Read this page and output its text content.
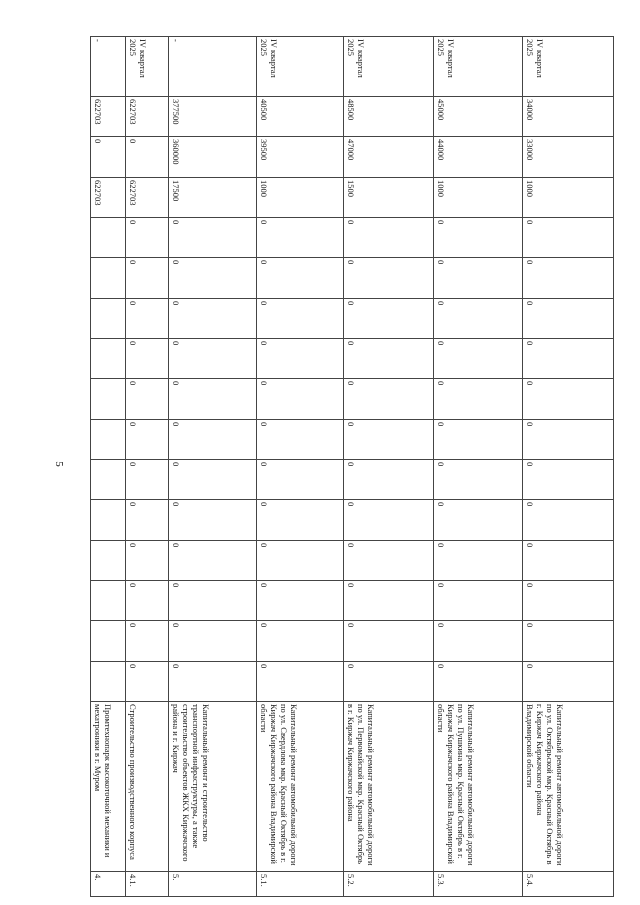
5
4.
Промтехнопарк высокоточной механики и мехатроники в г. Муром
622703
0
622703
-
4.1.
Строительство производственного корпуса
0
0
0
0
0
0
0
0
0
0
0
0
622703
0
622703
IV квартал 2025
5.
Капитальный ремонт и строительство транспортной инфраструктуры, а также строительство объектов ЖКХ Киржачского района и г. Киржач
0
0
0
0
0
0
0
0
0
0
0
0
17500
360000
377500
-
5.1.
Капитальный ремонт автомобильной дороги по ул. Свердлова мкр. Красный Октябрь в г. Киржач Киржачского района Владимирской области
0
0
0
0
0
0
0
0
0
0
0
0
1000
39500
40500
IV квартал 2025
5.2.
Капитальный ремонт автомобильной дороги по ул. Первомайской мкр. Красный Октябрь в г. Киржач Киржачского района
0
0
0
0
0
0
0
0
0
0
0
0
1500
47000
48500
IV квартал 2025
5.3.
Капитальный ремонт автомобильной дороги по ул. Пушкина мкр. Красный Октябрь в г. Киржач Киржачского района Владимирской области
0
0
0
0
0
0
0
0
0
0
0
0
1000
44000
45000
IV квартал 2025
5.4.
Капитальный ремонт автомобильной дороги по ул. Октябрьской мкр. Красный Октябрь в г. Киржач Киржачского района Владимирской области
0
0
0
0
0
0
0
0
0
0
0
0
1000
33000
34000
IV квартал 2025
